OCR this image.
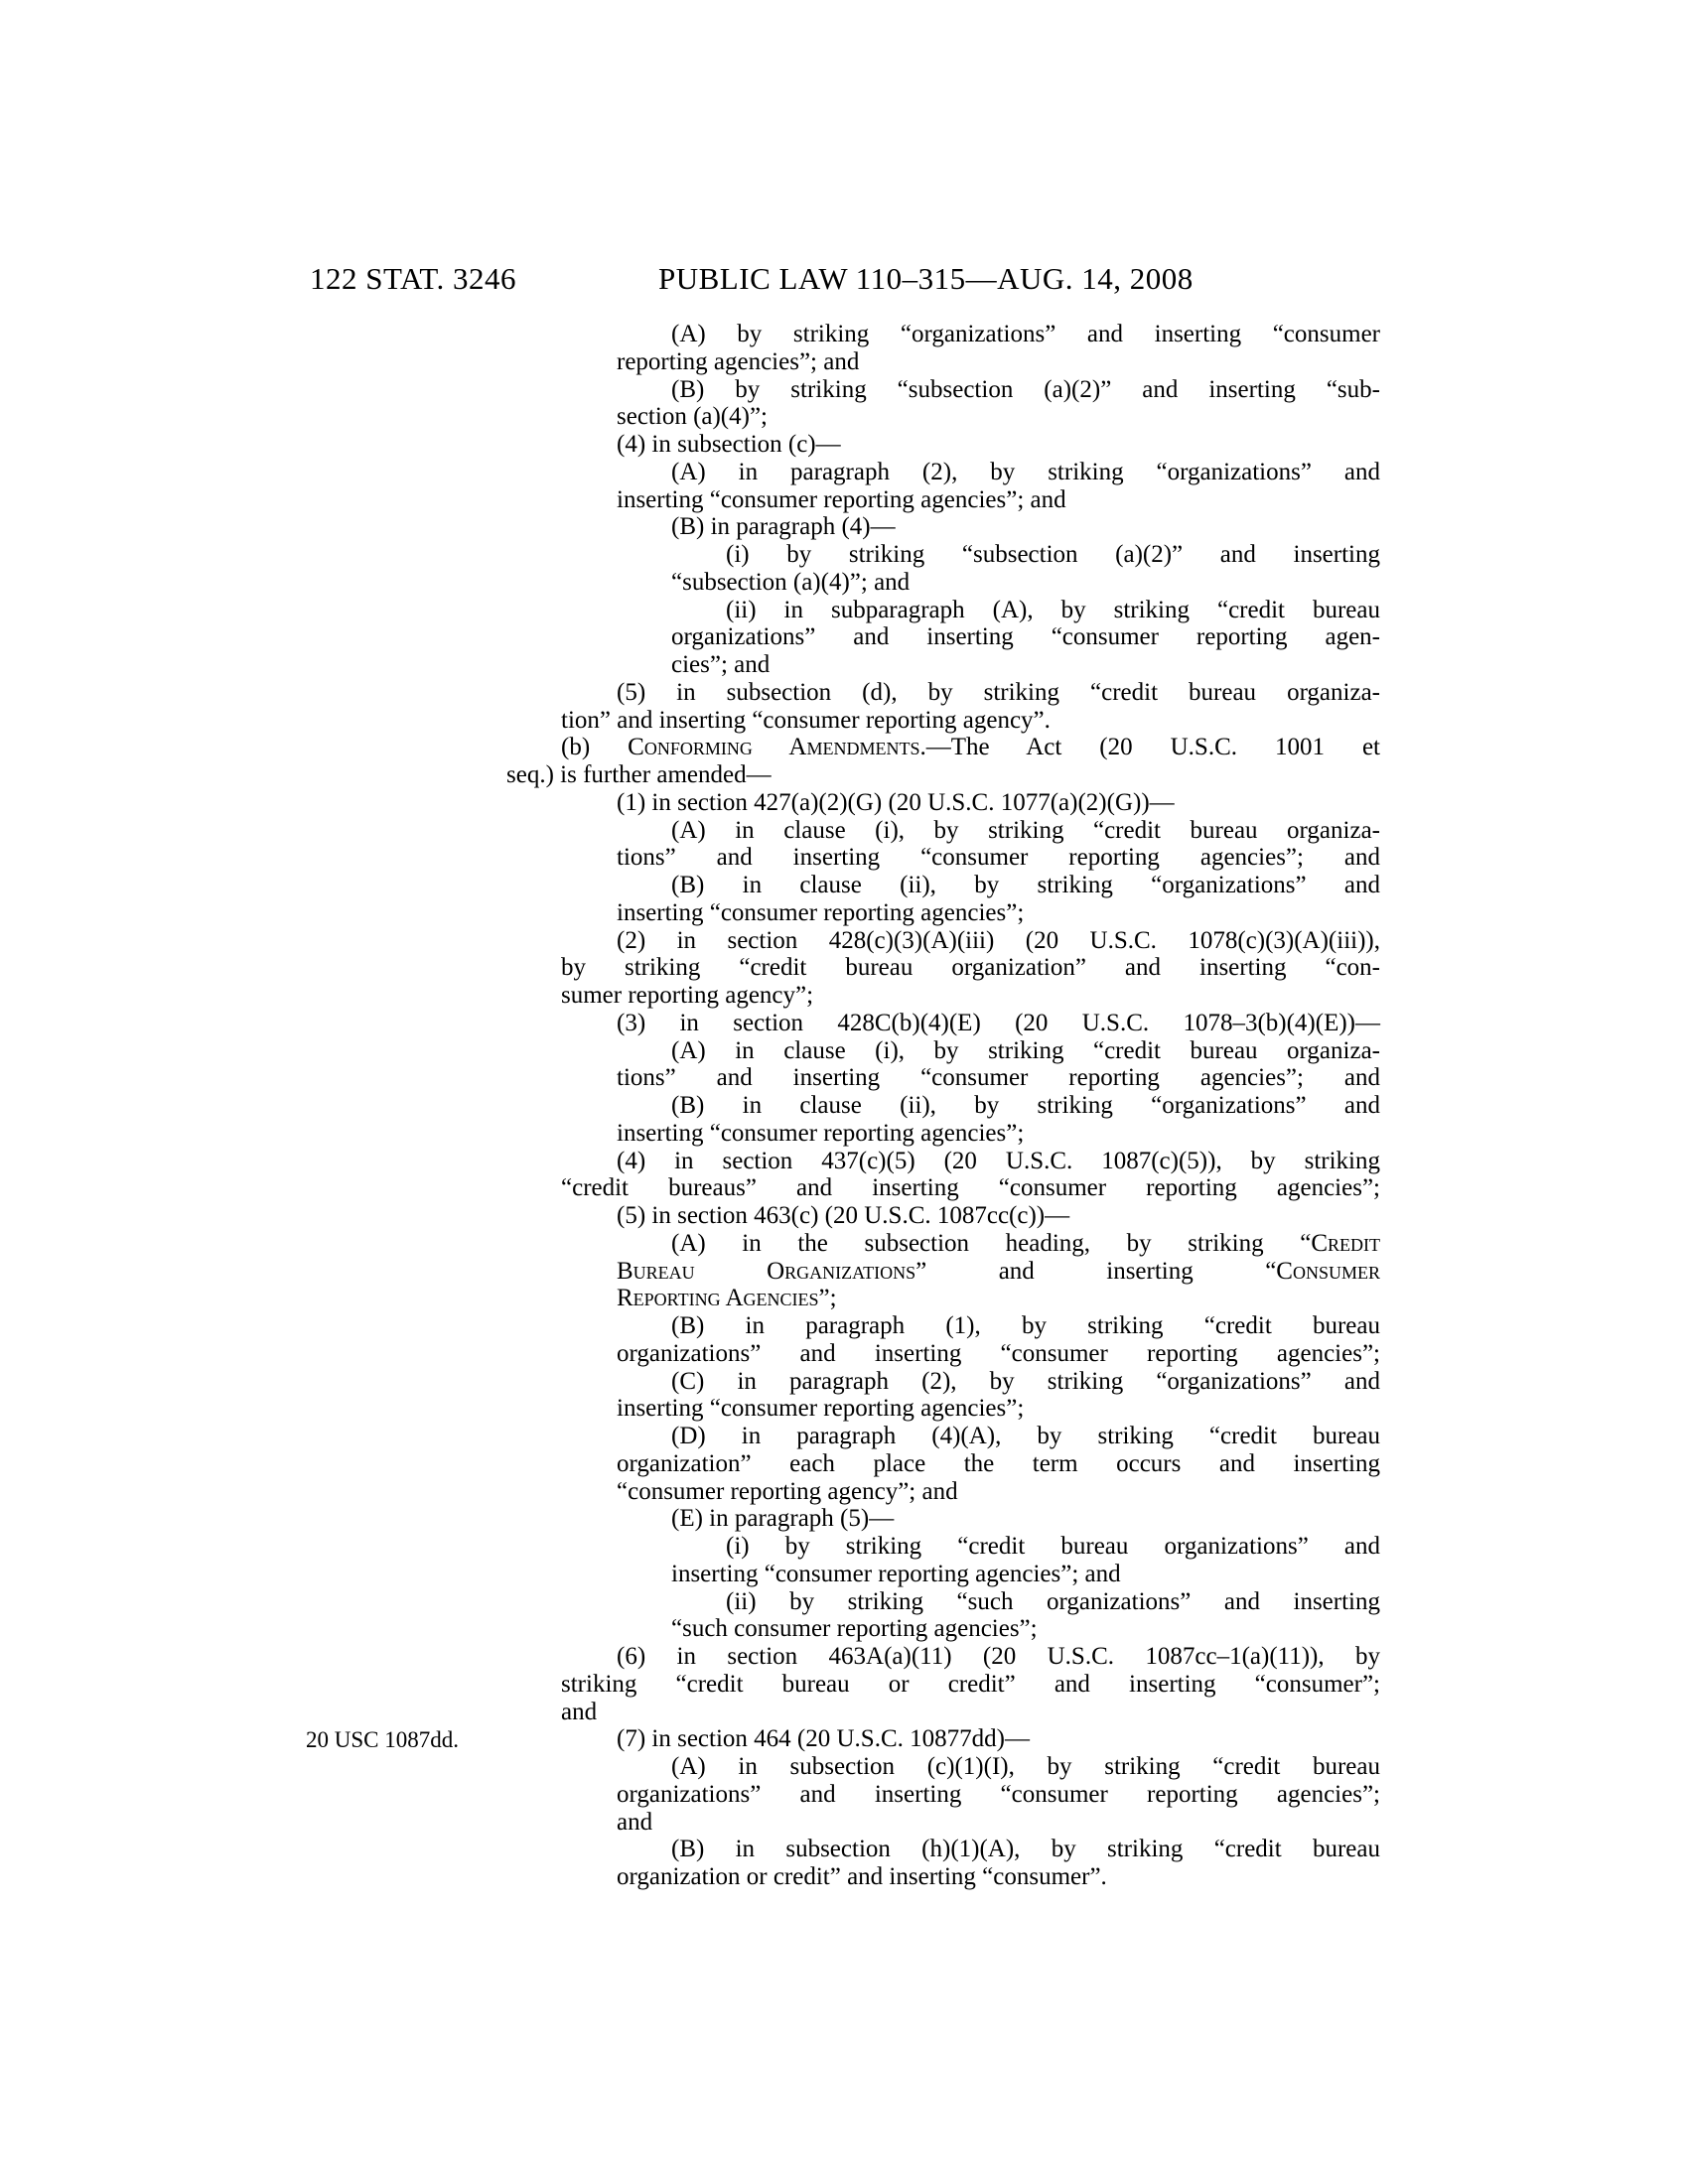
122 STAT. 3246	PUBLIC LAW 110–315—AUG. 14, 2008
20 USC 1087dd.
(A) by striking “organizations” and inserting “consumer
reporting agencies”; and
(B) by striking “subsection (a)(2)” and inserting “sub-
section (a)(4)”;
(4) in subsection (c)—
(A) in paragraph (2), by striking “organizations” and
inserting “consumer reporting agencies”; and
(B) in paragraph (4)—
(i) by striking “subsection (a)(2)” and inserting
“subsection (a)(4)”; and
(ii) in subparagraph (A), by striking “credit bureau
organizations” and inserting “consumer reporting agen-
cies”; and
(5) in subsection (d), by striking “credit bureau organiza-
tion” and inserting “consumer reporting agency”.
(b) Conforming Amendments.—The Act (20 U.S.C. 1001 et
seq.) is further amended—
(1) in section 427(a)(2)(G) (20 U.S.C. 1077(a)(2)(G))—
(A) in clause (i), by striking “credit bureau organiza-
tions” and inserting “consumer reporting agencies”; and
(B) in clause (ii), by striking “organizations” and
inserting “consumer reporting agencies”;
(2) in section 428(c)(3)(A)(iii) (20 U.S.C. 1078(c)(3)(A)(iii)),
by striking “credit bureau organization” and inserting “con-
sumer reporting agency”;
(3) in section 428C(b)(4)(E) (20 U.S.C. 1078–3(b)(4)(E))—
(A) in clause (i), by striking “credit bureau organiza-
tions” and inserting “consumer reporting agencies”; and
(B) in clause (ii), by striking “organizations” and
inserting “consumer reporting agencies”;
(4) in section 437(c)(5) (20 U.S.C. 1087(c)(5)), by striking
“credit bureaus” and inserting “consumer reporting agencies”;
(5) in section 463(c) (20 U.S.C. 1087cc(c))—
(A) in the subsection heading, by striking “Credit
Bureau Organizations” and inserting “Consumer
Reporting Agencies”;
(B) in paragraph (1), by striking “credit bureau
organizations” and inserting “consumer reporting agencies”;
(C) in paragraph (2), by striking “organizations” and
inserting “consumer reporting agencies”;
(D) in paragraph (4)(A), by striking “credit bureau
organization” each place the term occurs and inserting
“consumer reporting agency”; and
(E) in paragraph (5)—
(i) by striking “credit bureau organizations” and
inserting “consumer reporting agencies”; and
(ii) by striking “such organizations” and inserting
“such consumer reporting agencies”;
(6) in section 463A(a)(11) (20 U.S.C. 1087cc–1(a)(11)), by
striking “credit bureau or credit” and inserting “consumer”;
and
(7) in section 464 (20 U.S.C. 10877dd)—
(A) in subsection (c)(1)(I), by striking “credit bureau
organizations” and inserting “consumer reporting agencies”;
and
(B) in subsection (h)(1)(A), by striking “credit bureau
organization or credit” and inserting “consumer”.
